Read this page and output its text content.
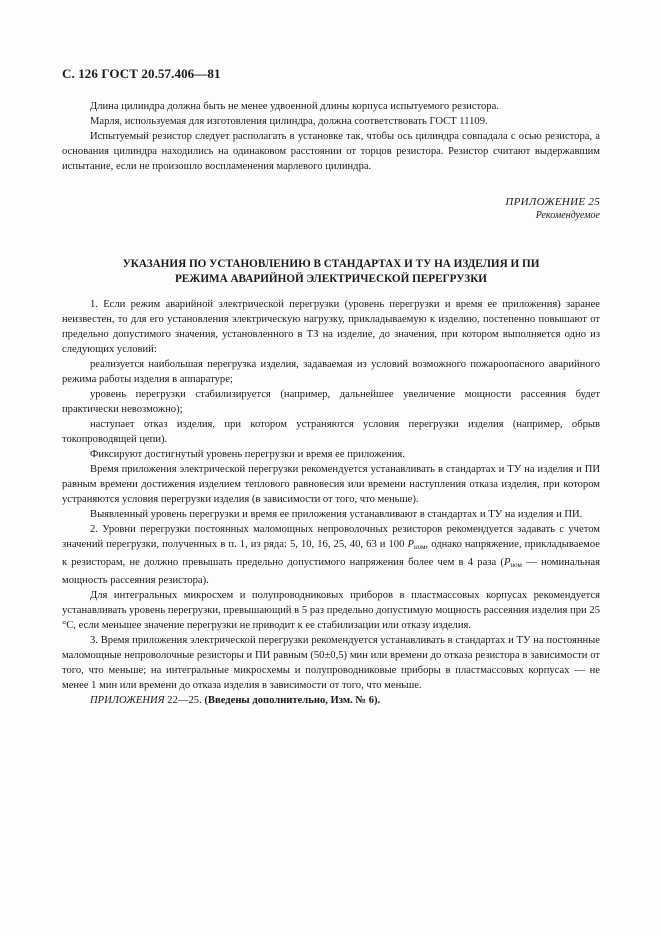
С. 126 ГОСТ 20.57.406—81

Длина цилиндра должна быть не менее удвоенной длины корпуса испытуемого резистора.

Марля, используемая для изготовления цилиндра, должна соответствовать ГОСТ 11109.

Испытуемый резистор следует располагать в установке так, чтобы ось цилиндра совпадала с осью резистора, а основания цилиндра находились на одинаковом расстоянии от торцов резистора. Резистор считают выдержавшим испытание, если не произошло воспламенения марлевого цилиндра.

ПРИЛОЖЕНИЕ 25
Рекомендуемое
УКАЗАНИЯ ПО УСТАНОВЛЕНИЮ В СТАНДАРТАХ И ТУ НА ИЗДЕЛИЯ И ПИ
РЕЖИМА АВАРИЙНОЙ ЭЛЕКТРИЧЕСКОЙ ПЕРЕГРУЗКИ

1. Если режим аварийной электрической перегрузки (уровень перегрузки и время ее приложения) заранее неизвестен, то для его установления электрическую нагрузку, прикладываемую к изделию, постепенно повышают от предельно допустимого значения, установленного в ТЗ на изделие, до значения, при котором выполняется одно из следующих условий:

реализуется наибольшая перегрузка изделия, задаваемая из условий возможного пожароопасного аварийного режима работы изделия в аппаратуре;

уровень перегрузки стабилизируется (например, дальнейшее увеличение мощности рассеяния будет практически невозможно);

наступает отказ изделия, при котором устраняются условия перегрузки изделия (например, обрыв токопроводящей цепи).

Фиксируют достигнутый уровень перегрузки и время ее приложения.

Время приложения электрической перегрузки рекомендуется устанавливать в стандартах и ТУ на изделия и ПИ равным времени достижения изделием теплового равновесия или времени наступления отказа изделия, при котором устраняются условия перегрузки изделия (в зависимости от того, что меньше).

Выявленный уровень перегрузки и время ее приложения устанавливают в стандартах и ТУ на изделия и ПИ.

2. Уровни перегрузки постоянных маломощных непроволочных резисторов рекомендуется задавать с учетом значений перегрузки, полученных в п. 1, из ряда: 5, 10, 16, 25, 40, 63 и 100 $P_{ном}$, однако напряжение, прикладываемое к резисторам, не должно превышать предельно допустимого напряжения более чем в 4 раза ($P_{ном}$ — номинальная мощность рассеяния резистора).

Для интегральных микросхем и полупроводниковых приборов в пластмассовых корпусах рекомендуется устанавливать уровень перегрузки, превышающий в 5 раз предельно допустимую мощность рассеяния изделия при 25 °С, если меньшее значение перегрузки не приводит к ее стабилизации или отказу изделия.

3. Время приложения электрической перегрузки рекомендуется устанавливать в стандартах и ТУ на постоянные маломощные непроволочные резисторы и ПИ равным (50±0,5) мин или времени до отказа резистора в зависимости от того, что меньше; на интегральные микросхемы и полупроводниковые приборы в пластмассовых корпусах — не менее 1 мин или времени до отказа изделия в зависимости от того, что меньше.

ПРИЛОЖЕНИЯ 22—25. (Введены дополнительно, Изм. № 6).
